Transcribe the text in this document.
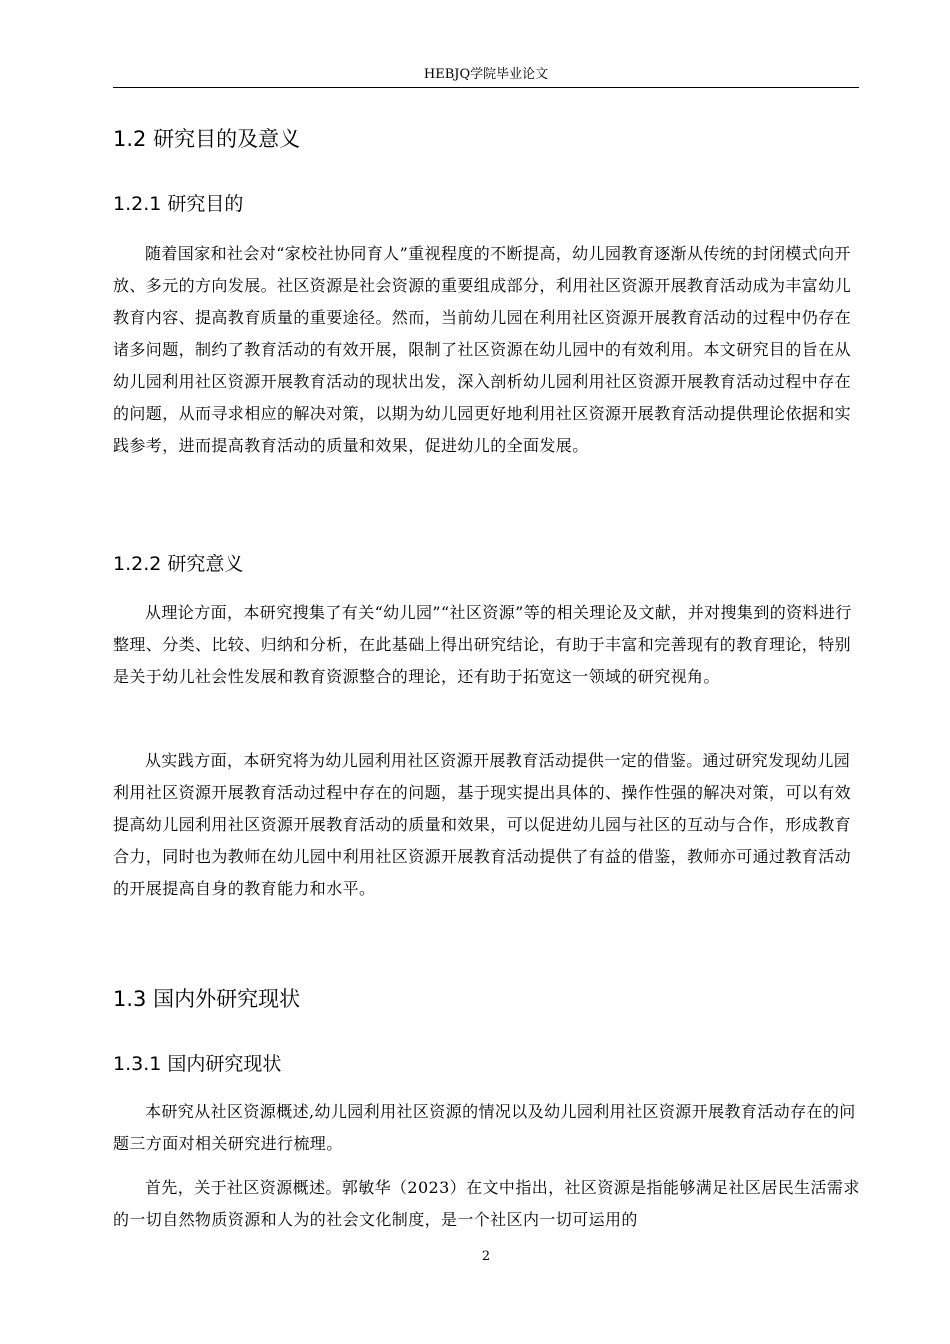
HEBJQ学院毕业论文
1.2 研究目的及意义
1.2.1 研究目的

随着国家和社会对“家校社协同育人”重视程度的不断提高，幼儿园教育逐渐从传统的封闭模式向开放、多元的方向发展。社区资源是社会资源的重要组成部分，利用社区资源开展教育活动成为丰富幼儿教育内容、提高教育质量的重要途径。然而，当前幼儿园在利用社区资源开展教育活动的过程中仍存在诸多问题，制约了教育活动的有效开展，限制了社区资源在幼儿园中的有效利用。本文研究目的旨在从幼儿园利用社区资源开展教育活动的现状出发，深入剖析幼儿园利用社区资源开展教育活动过程中存在的问题，从而寻求相应的解决对策，以期为幼儿园更好地利用社区资源开展教育活动提供理论依据和实践参考，进而提高教育活动的质量和效果，促进幼儿的全面发展。

1.2.2 研究意义

从理论方面，本研究搜集了有关“幼儿园”“社区资源”等的相关理论及文献，并对搜集到的资料进行整理、分类、比较、归纳和分析，在此基础上得出研究结论，有助于丰富和完善现有的教育理论，特别是关于幼儿社会性发展和教育资源整合的理论，还有助于拓宽这一领域的研究视角。

从实践方面，本研究将为幼儿园利用社区资源开展教育活动提供一定的借鉴。通过研究发现幼儿园利用社区资源开展教育活动过程中存在的问题，基于现实提出具体的、操作性强的解决对策，可以有效提高幼儿园利用社区资源开展教育活动的质量和效果，可以促进幼儿园与社区的互动与合作，形成教育合力，同时也为教师在幼儿园中利用社区资源开展教育活动提供了有益的借鉴，教师亦可通过教育活动的开展提高自身的教育能力和水平。

1.3 国内外研究现状
1.3.1 国内研究现状

本研究从社区资源概述,幼儿园利用社区资源的情况以及幼儿园利用社区资源开展教育活动存在的问题三方面对相关研究进行梳理。

首先，关于社区资源概述。郭敏华（2023）在文中指出，社区资源是指能够满足社区居民生活需求的一切自然物质资源和人为的社会文化制度，是一个社区内一切可运用的

2
